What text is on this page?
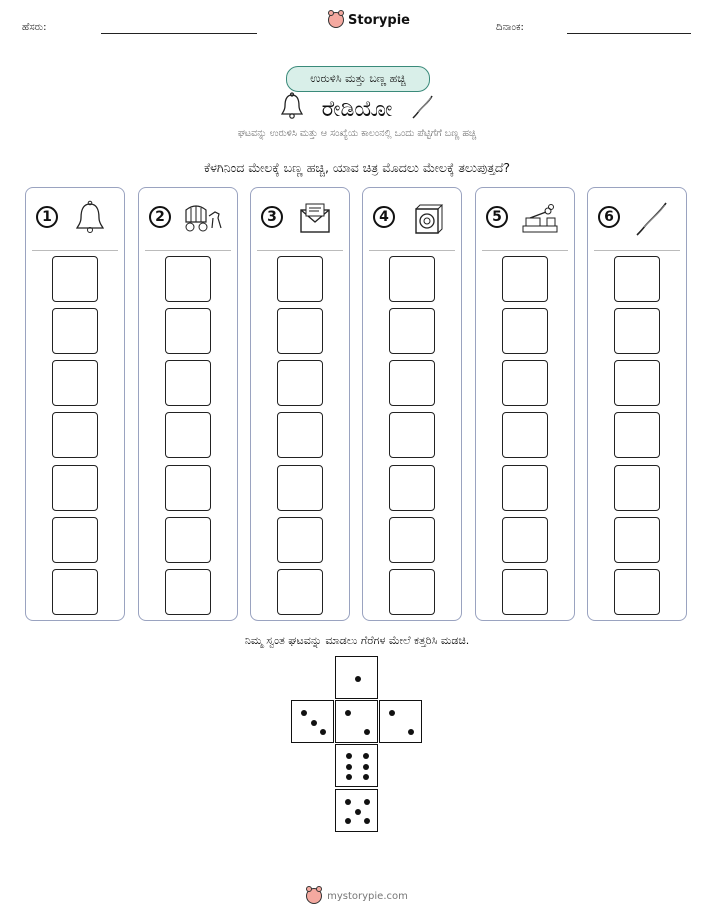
ಹೆಸರು:	Storypie	ದಿನಾಂಕ:
ಉರುಳಿಸಿ ಮತ್ತು ಬಣ್ಣ ಹಚ್ಚಿ
ರೇಡಿಯೋ
ಘಟವನ್ನು ಉರುಳಿಸಿ ಮತ್ತು ಆ ಸಂಖ್ಯೆಯ ಕಾಲಂನಲ್ಲಿ ಒಂದು ಪೆಟ್ಟಿಗೆಗೆ ಬಣ್ಣ ಹಚ್ಚಿ
ಕೆಳಗಿನಿಂದ ಮೇಲಕ್ಕೆ ಬಣ್ಣ ಹಚ್ಚಿ, ಯಾವ ಚಿತ್ರ ಮೊದಲು ಮೇಲಕ್ಕೆ ತಲುಪುತ್ತದೆ?
1	2	3	4	5	6
ನಿಮ್ಮ ಸ್ವಂತ ಘಟವನ್ನು ಮಾಡಲು ಗೆರೆಗಳ ಮೇಲೆ ಕತ್ತರಿಸಿ ಮಡಚಿ.
mystorypie.com
